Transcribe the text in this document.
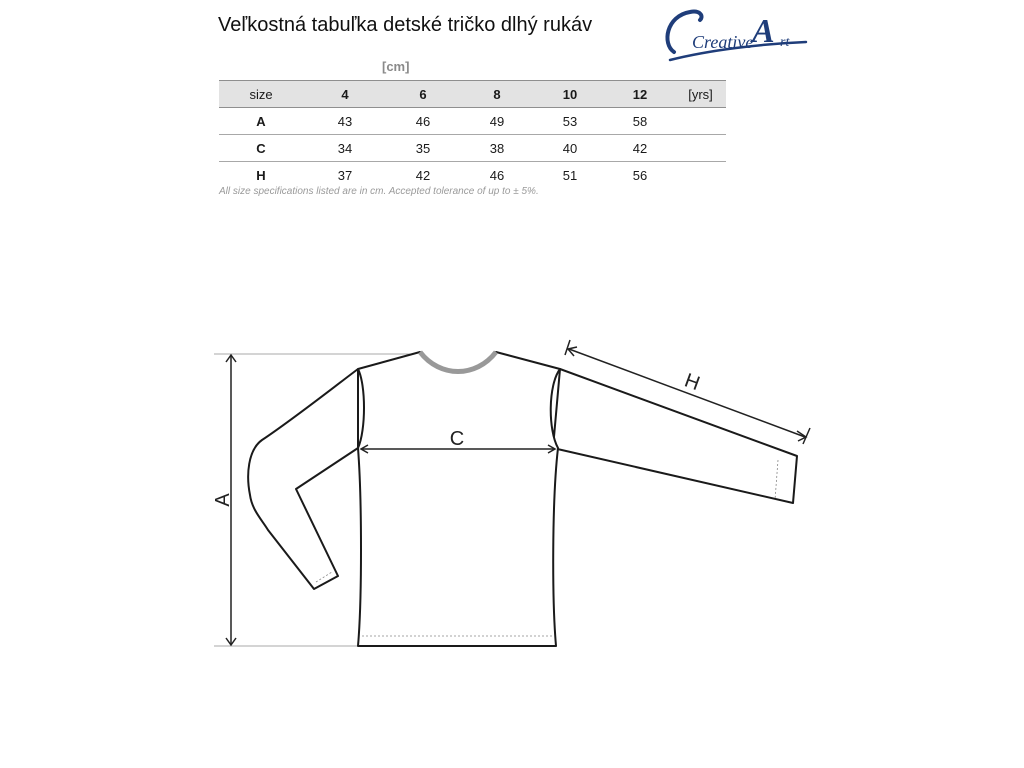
Veľkostná tabuľka detské tričko dlhý rukáv
Creative
A rt
[cm]
size	4	6	8	10	12	[yrs]
A	43	46	49	53	58	
C	34	35	38	40	42	
H	37	42	46	51	56	
All size specifications listed are in cm. Accepted tolerance of up to ± 5%.
A
C
H
